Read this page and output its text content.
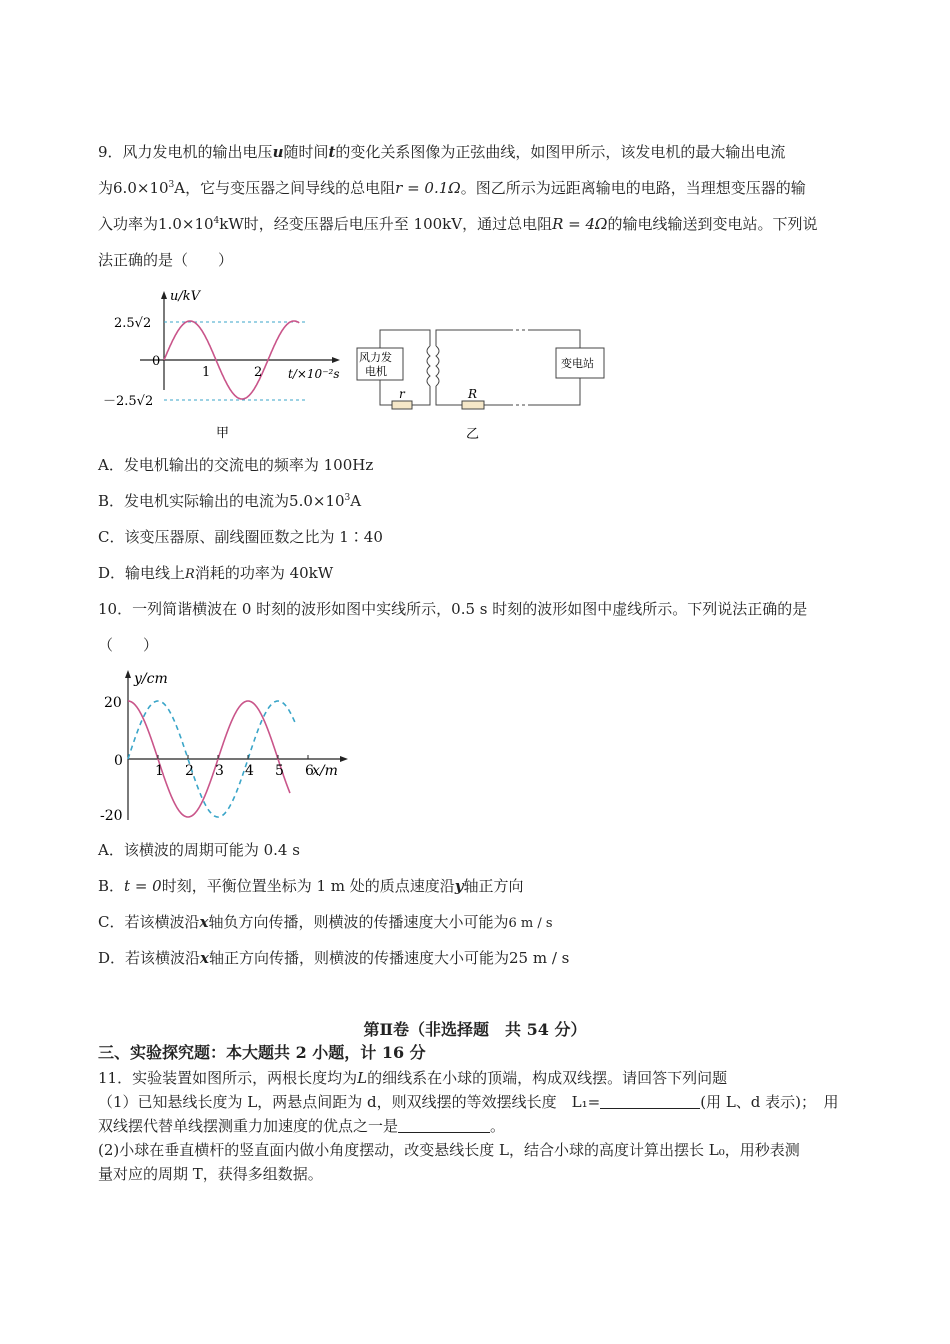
9．风力发电机的输出电压u随时间t的变化关系图像为正弦曲线，如图甲所示，该发电机的最大输出电流
为$6.0\times 10^3A$，它与变压器之间导线的总电阻r = 0.1Ω。图乙所示为远距离输电的电路，当理想变压器的输
入功率为$1.0\times 10^4kW$时，经变压器后电压升至 100kV，通过总电阻R = 4Ω的输电线输送到变电站。下列说
法正确的是（　　）
u/kV
t/×10⁻²s
2.5√2
－2.5√2
0
1	2
甲
风力发
电机
变电站
r	R
乙
A．发电机输出的交流电的频率为 100Hz
B．发电机实际输出的电流为$5.0\times 10^3A$
C．该变压器原、副线圈匝数之比为 1∶40
D．输电线上R消耗的功率为 40kW
10．一列简谐横波在 0 时刻的波形如图中实线所示，0.5 s 时刻的波形如图中虚线所示。下列说法正确的是
（　　）
y/cm
x/m
20
-20
0
1 2 3 4 5 6
A．该横波的周期可能为 0.4 s
B．t = 0时刻，平衡位置坐标为 1 m 处的质点速度沿y轴正方向
C．若该横波沿x轴负方向传播，则横波的传播速度大小可能为6 m / s
D．若该横波沿x轴正方向传播，则横波的传播速度大小可能为25 m / s
第Ⅱ卷（非选择题　共 54 分）
三、实验探究题：本大题共 2 小题，计 16 分
11．实验装置如图所示，两根长度均为L的细线系在小球的顶端，构成双线摆。请回答下列问题
（1）已知悬线长度为 L，两悬点间距为 d，则双线摆的等效摆线长度　L₁=	(用 L、d 表示)；　用
双线摆代替单线摆测重力加速度的优点之一是	。
(2)小球在垂直横杆的竖直面内做小角度摆动，改变悬线长度 L，结合小球的高度计算出摆长 L₀，用秒表测
量对应的周期 T，获得多组数据。
